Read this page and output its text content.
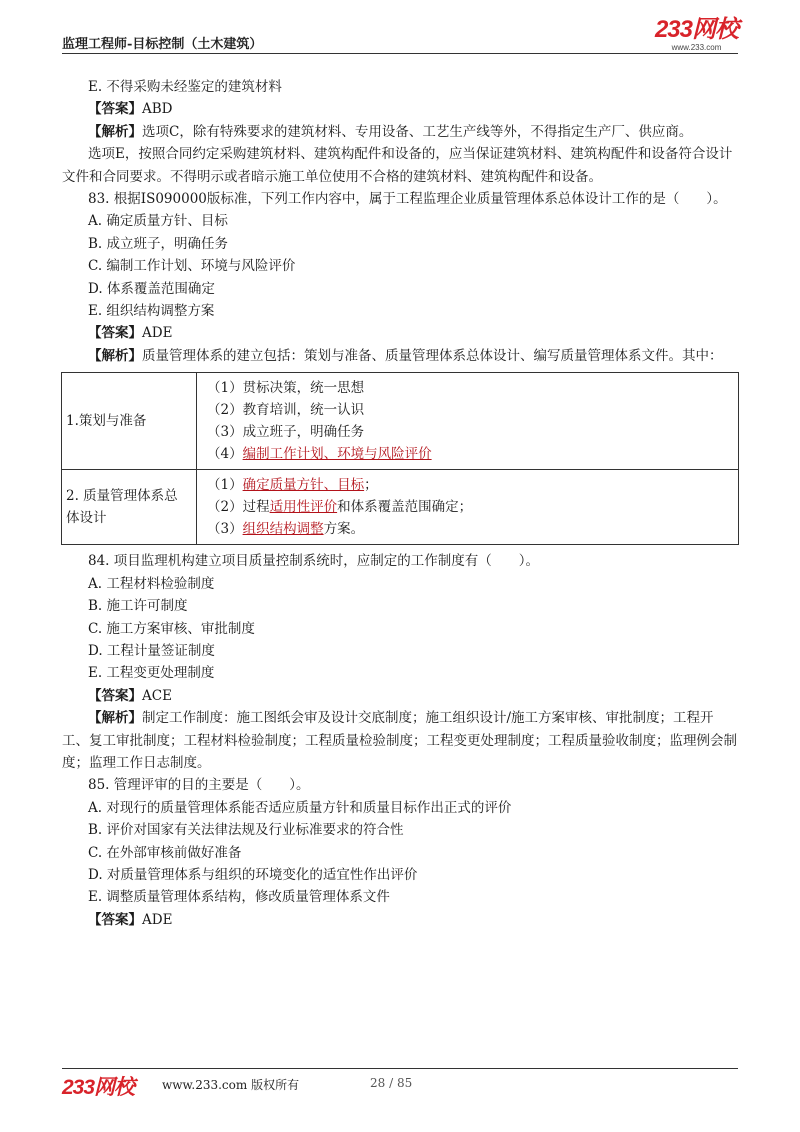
监理工程师-目标控制（土木建筑）
233网校
www.233.com

E. 不得采购未经鉴定的建筑材料

【答案】ABD

【解析】选项C，除有特殊要求的建筑材料、专用设备、工艺生产线等外，不得指定生产厂、供应商。

选项E，按照合同约定采购建筑材料、建筑构配件和设备的，应当保证建筑材料、建筑构配件和设备符合设计文件和合同要求。不得明示或者暗示施工单位使用不合格的建筑材料、建筑构配件和设备。

83. 根据IS090000版标准，下列工作内容中，属于工程监理企业质量管理体系总体设计工作的是（　　）。

A. 确定质量方针、目标

B. 成立班子，明确任务

C. 编制工作计划、环境与风险评价

D. 体系覆盖范围确定

E. 组织结构调整方案

【答案】ADE

【解析】质量管理体系的建立包括：策划与准备、质量管理体系总体设计、编写质量管理体系文件。其中：

1.策划与准备	（1）贯标决策，统一思想
（2）教育培训，统一认识
（3）成立班子，明确任务
（4）编制工作计划、环境与风险评价

2. 质量管理体系总体设计	（1）确定质量方针、目标；
（2）过程适用性评价和体系覆盖范围确定；
（3）组织结构调整方案。

84. 项目监理机构建立项目质量控制系统时，应制定的工作制度有（　　）。

A. 工程材料检验制度

B. 施工许可制度

C. 施工方案审核、审批制度

D. 工程计量签证制度

E. 工程变更处理制度

【答案】ACE

【解析】制定工作制度：施工图纸会审及设计交底制度；施工组织设计/施工方案审核、审批制度；工程开工、复工审批制度；工程材料检验制度；工程质量检验制度；工程变更处理制度；工程质量验收制度；监理例会制度；监理工作日志制度。

85. 管理评审的目的主要是（　　）。

A. 对现行的质量管理体系能否适应质量方针和质量目标作出正式的评价

B. 评价对国家有关法律法规及行业标准要求的符合性

C. 在外部审核前做好准备

D. 对质量管理体系与组织的环境变化的适宜性作出评价

E. 调整质量管理体系结构，修改质量管理体系文件

【答案】ADE

233网校 www.233.com 版权所有	28 / 85
